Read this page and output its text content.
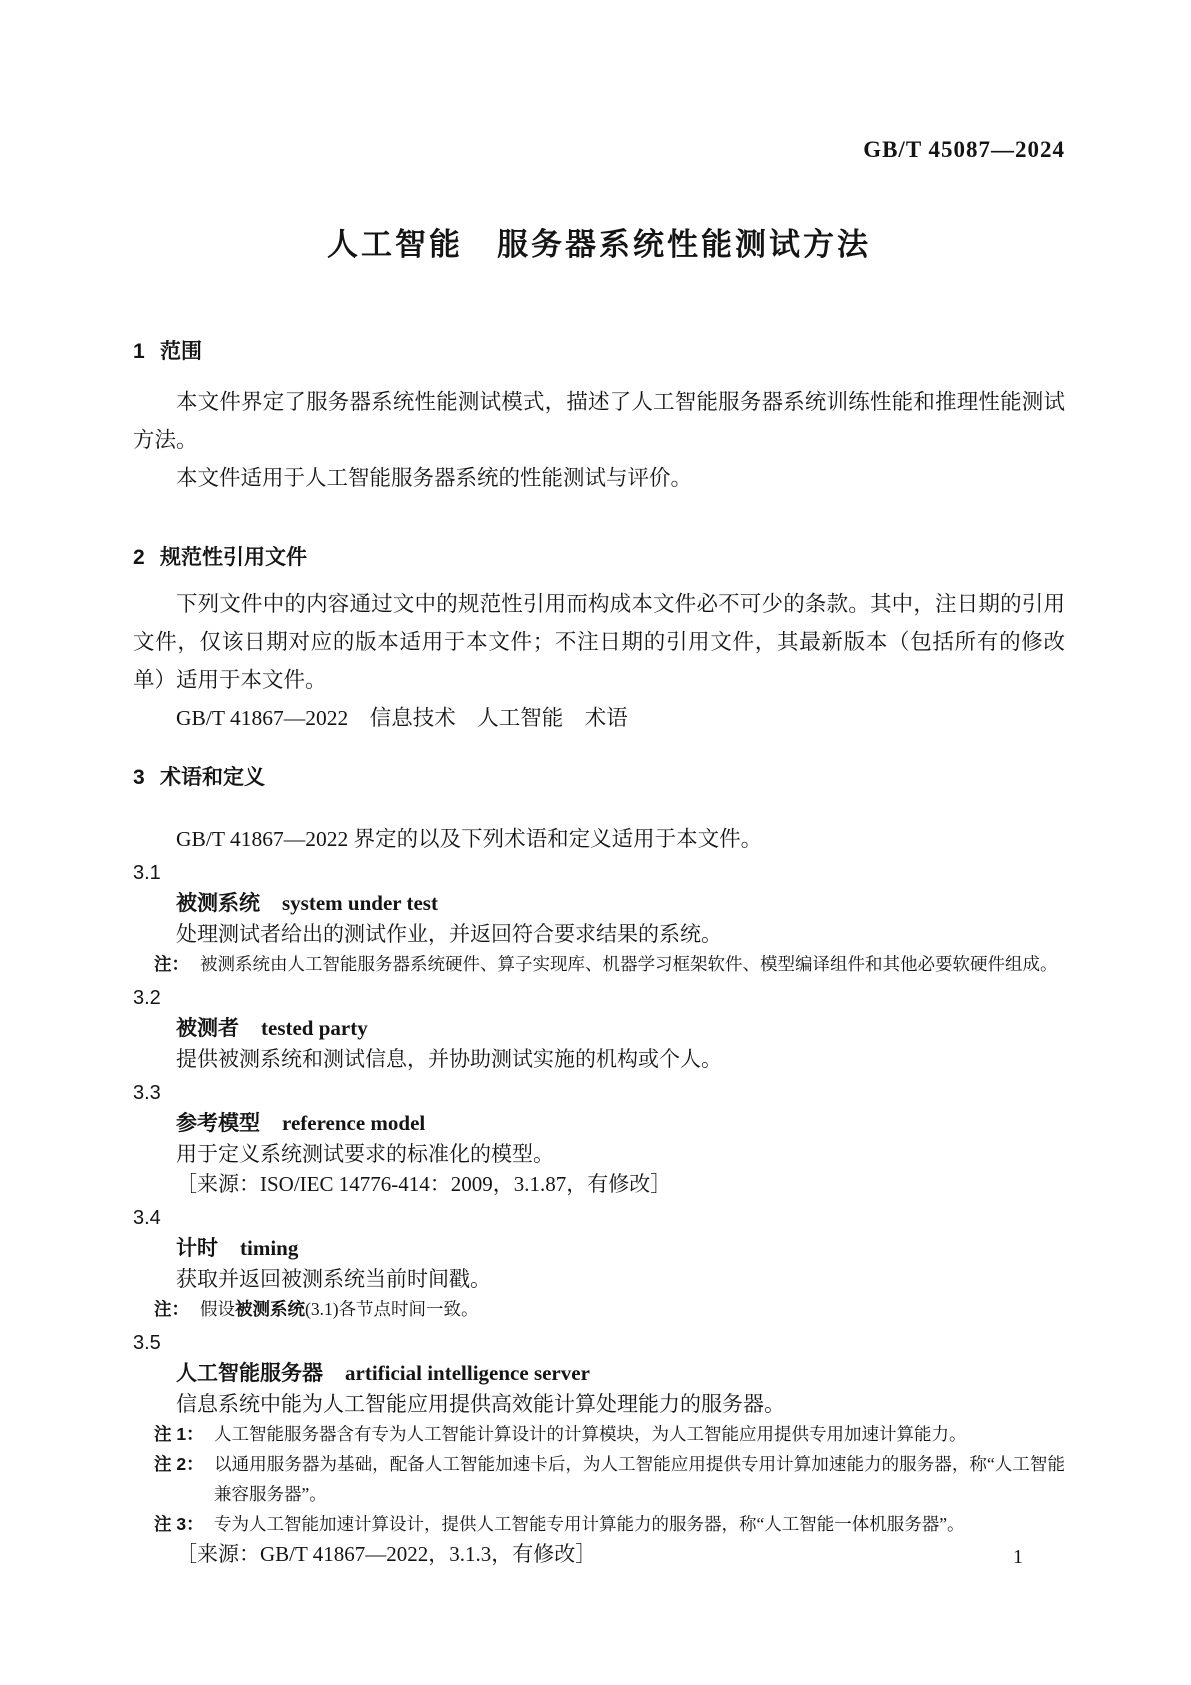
GB/T 45087—2024
人工智能　服务器系统性能测试方法
1 范围

本文件界定了服务器系统性能测试模式，描述了人工智能服务器系统训练性能和推理性能测试方法。

本文件适用于人工智能服务器系统的性能测试与评价。

2 规范性引用文件

下列文件中的内容通过文中的规范性引用而构成本文件必不可少的条款。其中，注日期的引用文件，仅该日期对应的版本适用于本文件；不注日期的引用文件，其最新版本（包括所有的修改单）适用于本文件。

GB/T 41867—2022　信息技术　人工智能　术语

3 术语和定义

GB/T 41867—2022 界定的以及下列术语和定义适用于本文件。

3.1
被测系统 system under test
处理测试者给出的测试作业，并返回符合要求结果的系统。
注： 被测系统由人工智能服务器系统硬件、算子实现库、机器学习框架软件、模型编译组件和其他必要软硬件组成。
3.2
被测者 tested party
提供被测系统和测试信息，并协助测试实施的机构或个人。
3.3
参考模型 reference model
用于定义系统测试要求的标准化的模型。
［来源：ISO/IEC 14776-414：2009，3.1.87，有修改］
3.4
计时 timing
获取并返回被测系统当前时间戳。
注： 假设被测系统(3.1)各节点时间一致。
3.5
人工智能服务器 artificial intelligence server
信息系统中能为人工智能应用提供高效能计算处理能力的服务器。
注 1： 人工智能服务器含有专为人工智能计算设计的计算模块，为人工智能应用提供专用加速计算能力。
注 2： 以通用服务器为基础，配备人工智能加速卡后，为人工智能应用提供专用计算加速能力的服务器，称“人工智能兼容服务器”。
注 3： 专为人工智能加速计算设计，提供人工智能专用计算能力的服务器，称“人工智能一体机服务器”。
［来源：GB/T 41867—2022，3.1.3，有修改］	1
